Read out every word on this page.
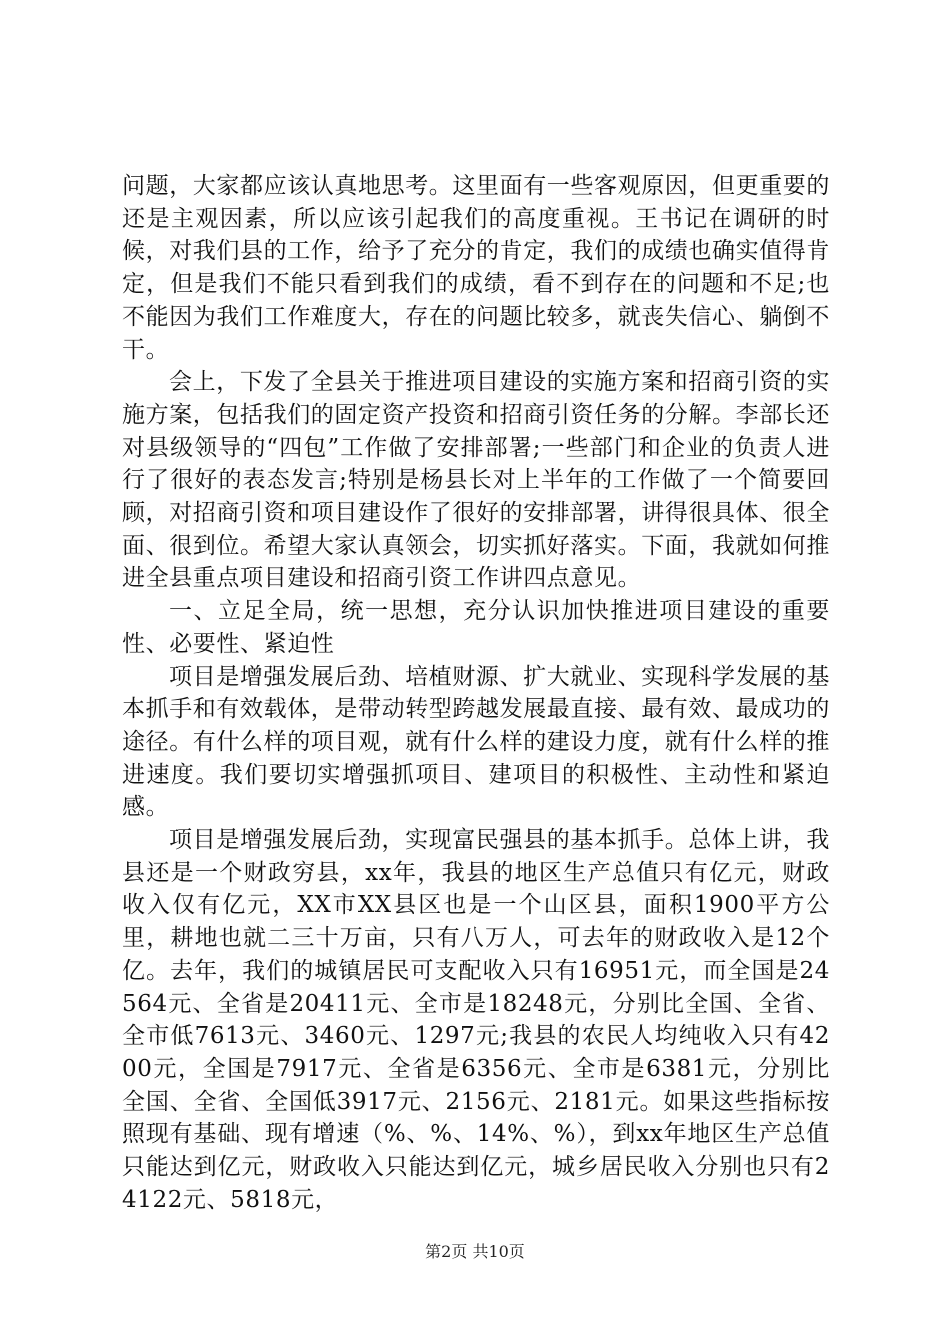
问题，大家都应该认真地思考。这里面有一些客观原因，但更重要的还是主观因素，所以应该引起我们的高度重视。王书记在调研的时候，对我们县的工作，给予了充分的肯定，我们的成绩也确实值得肯定，但是我们不能只看到我们的成绩，看不到存在的问题和不足;也不能因为我们工作难度大，存在的问题比较多，就丧失信心、躺倒不干。

会上，下发了全县关于推进项目建设的实施方案和招商引资的实施方案，包括我们的固定资产投资和招商引资任务的分解。李部长还对县级领导的“四包”工作做了安排部署;一些部门和企业的负责人进行了很好的表态发言;特别是杨县长对上半年的工作做了一个简要回顾，对招商引资和项目建设作了很好的安排部署，讲得很具体、很全面、很到位。希望大家认真领会，切实抓好落实。下面，我就如何推进全县重点项目建设和招商引资工作讲四点意见。

一、立足全局，统一思想，充分认识加快推进项目建设的重要性、必要性、紧迫性

项目是增强发展后劲、培植财源、扩大就业、实现科学发展的基本抓手和有效载体，是带动转型跨越发展最直接、最有效、最成功的途径。有什么样的项目观，就有什么样的建设力度，就有什么样的推进速度。我们要切实增强抓项目、建项目的积极性、主动性和紧迫感。

项目是增强发展后劲，实现富民强县的基本抓手。总体上讲，我县还是一个财政穷县，xx年，我县的地区生产总值只有亿元，财政收入仅有亿元，XX市XX县区也是一个山区县，面积1900平方公里，耕地也就二三十万亩，只有八万人，可去年的财政收入是12个亿。去年，我们的城镇居民可支配收入只有16951元，而全国是24564元、全省是20411元、全市是18248元，分别比全国、全省、全市低7613元、3460元、1297元;我县的农民人均纯收入只有4200元，全国是7917元、全省是6356元、全市是6381元，分别比全国、全省、全国低3917元、2156元、2181元。如果这些指标按照现有基础、现有增速（%、%、14%、%），到xx年地区生产总值只能达到亿元，财政收入只能达到亿元，城乡居民收入分别也只有24122元、5818元，

第2页 共10页
